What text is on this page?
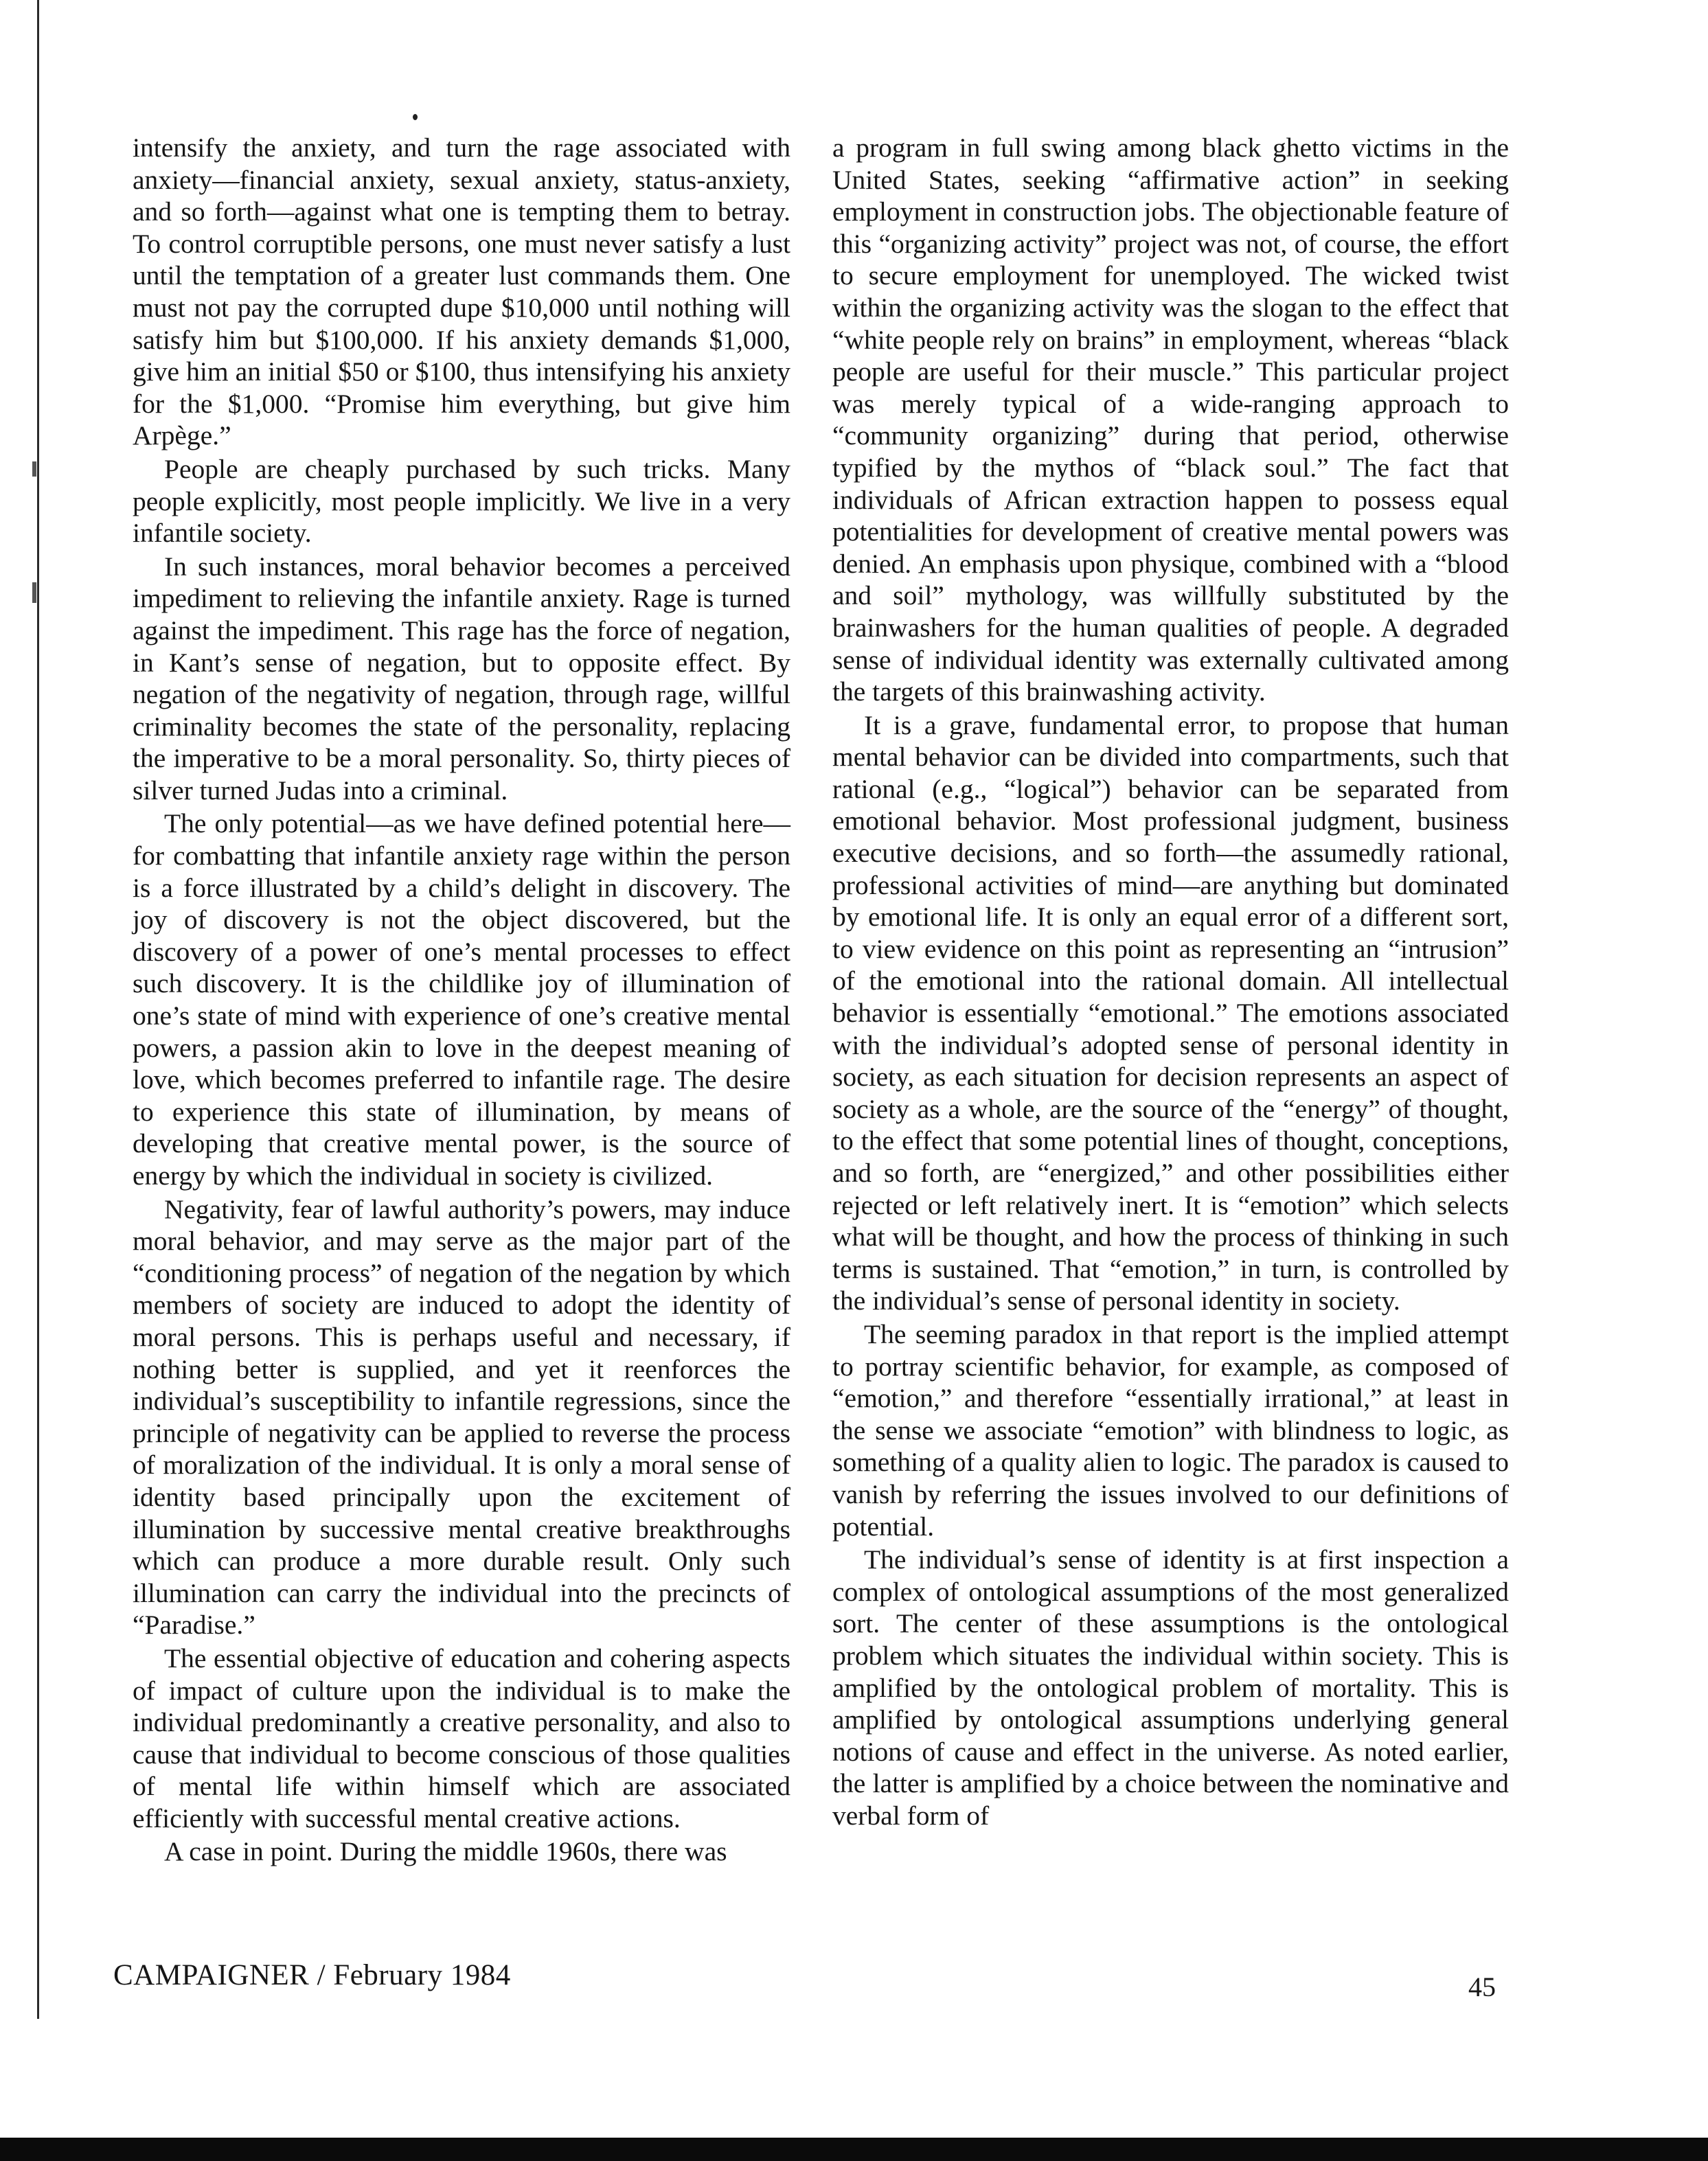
intensify the anxiety, and turn the rage associated with anxiety—financial anxiety, sexual anxiety, status-anxiety, and so forth—against what one is tempting them to betray. To control corruptible persons, one must never satisfy a lust until the temptation of a greater lust commands them. One must not pay the corrupted dupe $10,000 until nothing will satisfy him but $100,000. If his anxiety demands $1,000, give him an initial $50 or $100, thus intensifying his anxiety for the $1,000. “Promise him everything, but give him Arpège.”

People are cheaply purchased by such tricks. Many people explicitly, most people implicitly. We live in a very infantile society.

In such instances, moral behavior becomes a perceived impediment to relieving the infantile anxiety. Rage is turned against the impediment. This rage has the force of negation, in Kant’s sense of negation, but to opposite effect. By negation of the negativity of negation, through rage, willful criminality becomes the state of the personality, replacing the imperative to be a moral personality. So, thirty pieces of silver turned Judas into a criminal.

The only potential—as we have defined potential here—for combatting that infantile anxiety rage within the person is a force illustrated by a child’s delight in discovery. The joy of discovery is not the object discovered, but the discovery of a power of one’s mental processes to effect such discovery. It is the childlike joy of illumination of one’s state of mind with experience of one’s creative mental powers, a passion akin to love in the deepest meaning of love, which becomes preferred to infantile rage. The desire to experience this state of illumination, by means of developing that creative mental power, is the source of energy by which the individual in society is civilized.

Negativity, fear of lawful authority’s powers, may induce moral behavior, and may serve as the major part of the “conditioning process” of negation of the negation by which members of society are induced to adopt the identity of moral persons. This is perhaps useful and necessary, if nothing better is supplied, and yet it reenforces the individual’s susceptibility to infantile regressions, since the principle of negativity can be applied to reverse the process of moralization of the individual. It is only a moral sense of identity based principally upon the excitement of illumination by successive mental creative breakthroughs which can produce a more durable result. Only such illumination can carry the individual into the precincts of “Paradise.”

The essential objective of education and cohering aspects of impact of culture upon the individual is to make the individual predominantly a creative personality, and also to cause that individual to become conscious of those qualities of mental life within himself which are associated efficiently with successful mental creative actions.

A case in point. During the middle 1960s, there was

a program in full swing among black ghetto victims in the United States, seeking “affirmative action” in seeking employment in construction jobs. The objectionable feature of this “organizing activity” project was not, of course, the effort to secure employment for unemployed. The wicked twist within the organizing activity was the slogan to the effect that “white people rely on brains” in employment, whereas “black people are useful for their muscle.” This particular project was merely typical of a wide-ranging approach to “community organizing” during that period, otherwise typified by the mythos of “black soul.” The fact that individuals of African extraction happen to possess equal potentialities for development of creative mental powers was denied. An emphasis upon physique, combined with a “blood and soil” mythology, was willfully substituted by the brainwashers for the human qualities of people. A degraded sense of individual identity was externally cultivated among the targets of this brainwashing activity.

It is a grave, fundamental error, to propose that human mental behavior can be divided into compartments, such that rational (e.g., “logical”) behavior can be separated from emotional behavior. Most professional judgment, business executive decisions, and so forth—the assumedly rational, professional activities of mind—are anything but dominated by emotional life. It is only an equal error of a different sort, to view evidence on this point as representing an “intrusion” of the emotional into the rational domain. All intellectual behavior is essentially “emotional.” The emotions associated with the individual’s adopted sense of personal identity in society, as each situation for decision represents an aspect of society as a whole, are the source of the “energy” of thought, to the effect that some potential lines of thought, conceptions, and so forth, are “energized,” and other possibilities either rejected or left relatively inert. It is “emotion” which selects what will be thought, and how the process of thinking in such terms is sustained. That “emotion,” in turn, is controlled by the individual’s sense of personal identity in society.

The seeming paradox in that report is the implied attempt to portray scientific behavior, for example, as composed of “emotion,” and therefore “essentially irrational,” at least in the sense we associate “emotion” with blindness to logic, as something of a quality alien to logic. The paradox is caused to vanish by referring the issues involved to our definitions of potential.

The individual’s sense of identity is at first inspection a complex of ontological assumptions of the most generalized sort. The center of these assumptions is the ontological problem which situates the individual within society. This is amplified by the ontological problem of mortality. This is amplified by ontological assumptions underlying general notions of cause and effect in the universe. As noted earlier, the latter is amplified by a choice between the nominative and verbal form of

CAMPAIGNER / February 1984	45
